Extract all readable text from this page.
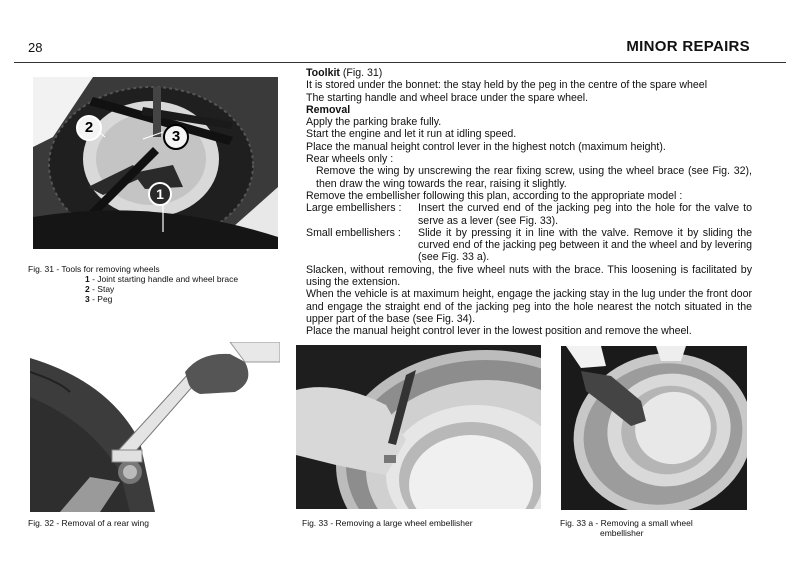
28	MINOR REPAIRS
2
3
1
Fig. 31 - Tools for removing wheels
1 - Joint starting handle and wheel brace
2 - Stay
3 - Peg

Toolkit (Fig. 31)

It is stored under the bonnet: the stay held by the peg in the centre of the spare wheel

The starting handle and wheel brace under the spare wheel.

Removal

Apply the parking brake fully.

Start the engine and let it run at idling speed.

Place the manual height control lever in the highest notch (maximum height).

Rear wheels only :

Remove the wing by unscrewing the rear fixing screw, using the wheel brace (see Fig. 32), then draw the wing towards the rear, raising it slightly.

Remove the embellisher following this plan, according to the appropriate model :

Large embellishers :	Insert the curved end of the jacking peg into the hole for the valve to serve as a lever (see Fig. 33).
Small embellishers :	Slide it by pressing it in line with the valve. Remove it by sliding the curved end of the jacking peg between it and the wheel and by levering (see Fig. 33 a).

Slacken, without removing, the five wheel nuts with the brace. This loosening is facilitated by using the extension.

When the vehicle is at maximum height, engage the jacking stay in the lug under the front door and engage the straight end of the jacking peg into the hole nearest the notch situated in the upper part of the base (see Fig. 34).

Place the manual height control lever in the lowest position and remove the wheel.

Fig. 32 - Removal of a rear wing	Fig. 33 - Removing a large wheel embellisher	Fig. 33 a - Removing a small wheel
embellisher
